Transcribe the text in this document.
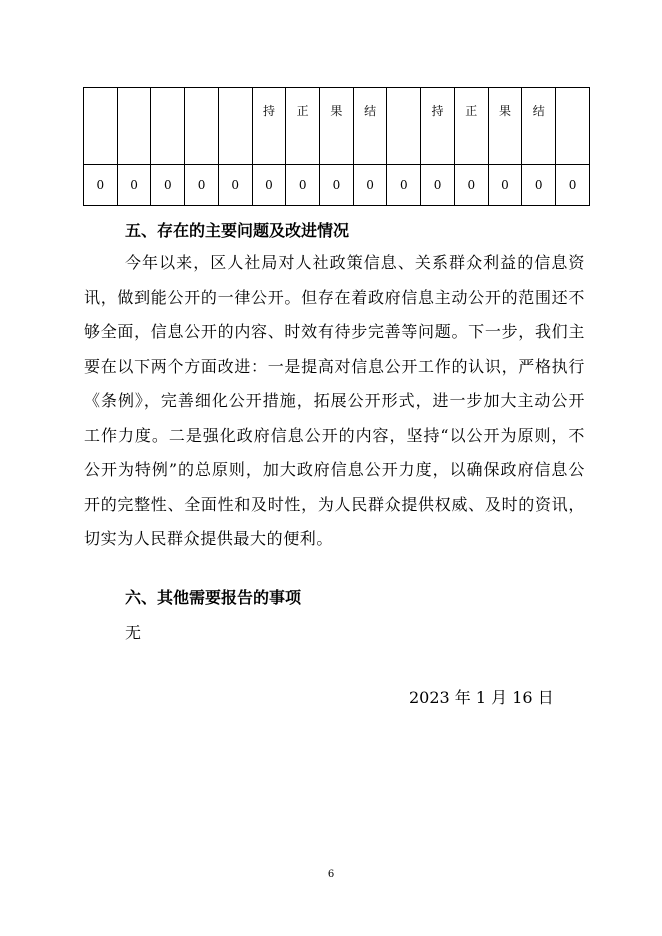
					持	正	果	结		持	正	果	结	

0	0	0	0	0	0	0	0	0	0	0	0	0	0	0
五、存在的主要问题及改进情况

今年以来，区人社局对人社政策信息、关系群众利益的信息资讯，做到能公开的一律公开。但存在着政府信息主动公开的范围还不够全面，信息公开的内容、时效有待步完善等问题。下一步，我们主要在以下两个方面改进：一是提高对信息公开工作的认识，严格执行《条例》，完善细化公开措施，拓展公开形式，进一步加大主动公开工作力度。二是强化政府信息公开的内容，坚持“以公开为原则，不公开为特例”的总原则，加大政府信息公开力度，以确保政府信息公开的完整性、全面性和及时性，为人民群众提供权威、及时的资讯，切实为人民群众提供最大的便利。

六、其他需要报告的事项
无
2023 年 1 月 16 日
6
